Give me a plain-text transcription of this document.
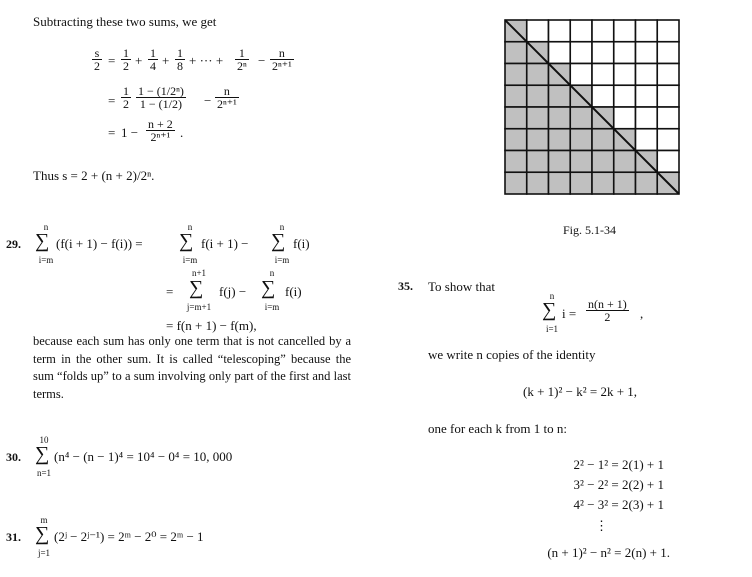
Subtracting these two sums, we get
$\frac{s}{2} = \frac{1}{2} + \frac{1}{4} + \frac{1}{8}$ + ··· + $\frac{1}{\text{2ⁿ}} - \frac{n}{\text{2ⁿ⁺¹}}$
= $\frac{1}{2} \frac{\text{1 − (1/2ⁿ)}}{1 - (1/2)} - \frac{n}{\text{2ⁿ⁺¹}}$
= $1 - \frac{n + 2}{\text{2ⁿ⁺¹}}$ .
Thus s = 2 + (n + 2)/2ⁿ.
29.
n
∑
i=m
(f(i + 1) − f(i)) =
n
∑
i=m
f(i + 1) −
n
∑
i=m
f(i)
=
n+1
∑
j=m+1
f(j) −
n
∑
i=m
f(i)
= f(n + 1) − f(m),
because each sum has only one term that is not cancelled by a term in the other sum. It is called “telescoping” because the sum “folds up” to a sum involving only part of the first and last terms.
30.
10
∑
n=1
(n⁴ − (n − 1)⁴ = 10⁴ − 0⁴ = 10, 000
31.
m
∑
j=1
(2ʲ − 2ʲ⁻¹) = 2ᵐ − 2⁰ = 2ᵐ − 1
Fig. 5.1-34
35. To show that
n
∑
i=1
$i = \frac{n(n + 1)}{2}$ ,
we write n copies of the identity
(k + 1)² − k² = 2k + 1,
one for each k from 1 to n:
2² − 1² = 2(1) + 1
3² − 2² = 2(2) + 1
4² − 3² = 2(3) + 1
⋮
(n + 1)² − n² = 2(n) + 1.
